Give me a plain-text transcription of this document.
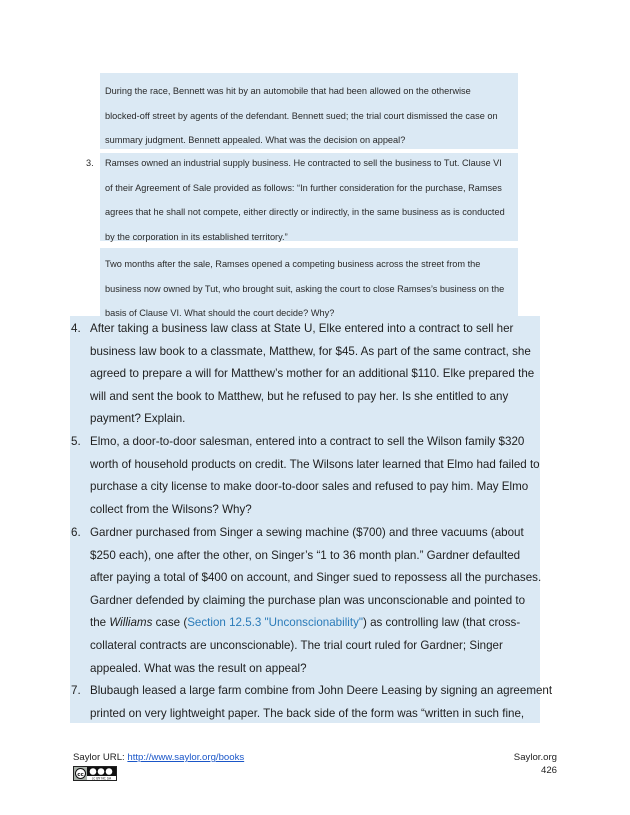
During the race, Bennett was hit by an automobile that had been allowed on the otherwise
blocked-off street by agents of the defendant. Bennett sued; the trial court dismissed the case on
summary judgment. Bennett appealed. What was the decision on appeal?
3. Ramses owned an industrial supply business. He contracted to sell the business to Tut. Clause VI
of their Agreement of Sale provided as follows: “In further consideration for the purchase, Ramses
agrees that he shall not compete, either directly or indirectly, in the same business as is conducted
by the corporation in its established territory.”
Two months after the sale, Ramses opened a competing business across the street from the
business now owned by Tut, who brought suit, asking the court to close Ramses’s business on the
basis of Clause VI. What should the court decide? Why?
4. After taking a business law class at State U, Elke entered into a contract to sell her
business law book to a classmate, Matthew, for $45. As part of the same contract, she
agreed to prepare a will for Matthew’s mother for an additional $110. Elke prepared the
will and sent the book to Matthew, but he refused to pay her. Is she entitled to any
payment? Explain.
5. Elmo, a door-to-door salesman, entered into a contract to sell the Wilson family $320
worth of household products on credit. The Wilsons later learned that Elmo had failed to
purchase a city license to make door-to-door sales and refused to pay him. May Elmo
collect from the Wilsons? Why?
6. Gardner purchased from Singer a sewing machine ($700) and three vacuums (about
$250 each), one after the other, on Singer’s “1 to 36 month plan.” Gardner defaulted
after paying a total of $400 on account, and Singer sued to repossess all the purchases.
Gardner defended by claiming the purchase plan was unconscionable and pointed to
the Williams case (Section 12.5.3 "Unconscionability") as controlling law (that cross-
collateral contracts are unconscionable). The trial court ruled for Gardner; Singer
appealed. What was the result on appeal?
7. Blubaugh leased a large farm combine from John Deere Leasing by signing an agreement
printed on very lightweight paper. The back side of the form was “written in such fine,
Saylor URL: http://www.saylor.org/books	Saylor.org
426
cc
cc BY NC SA
